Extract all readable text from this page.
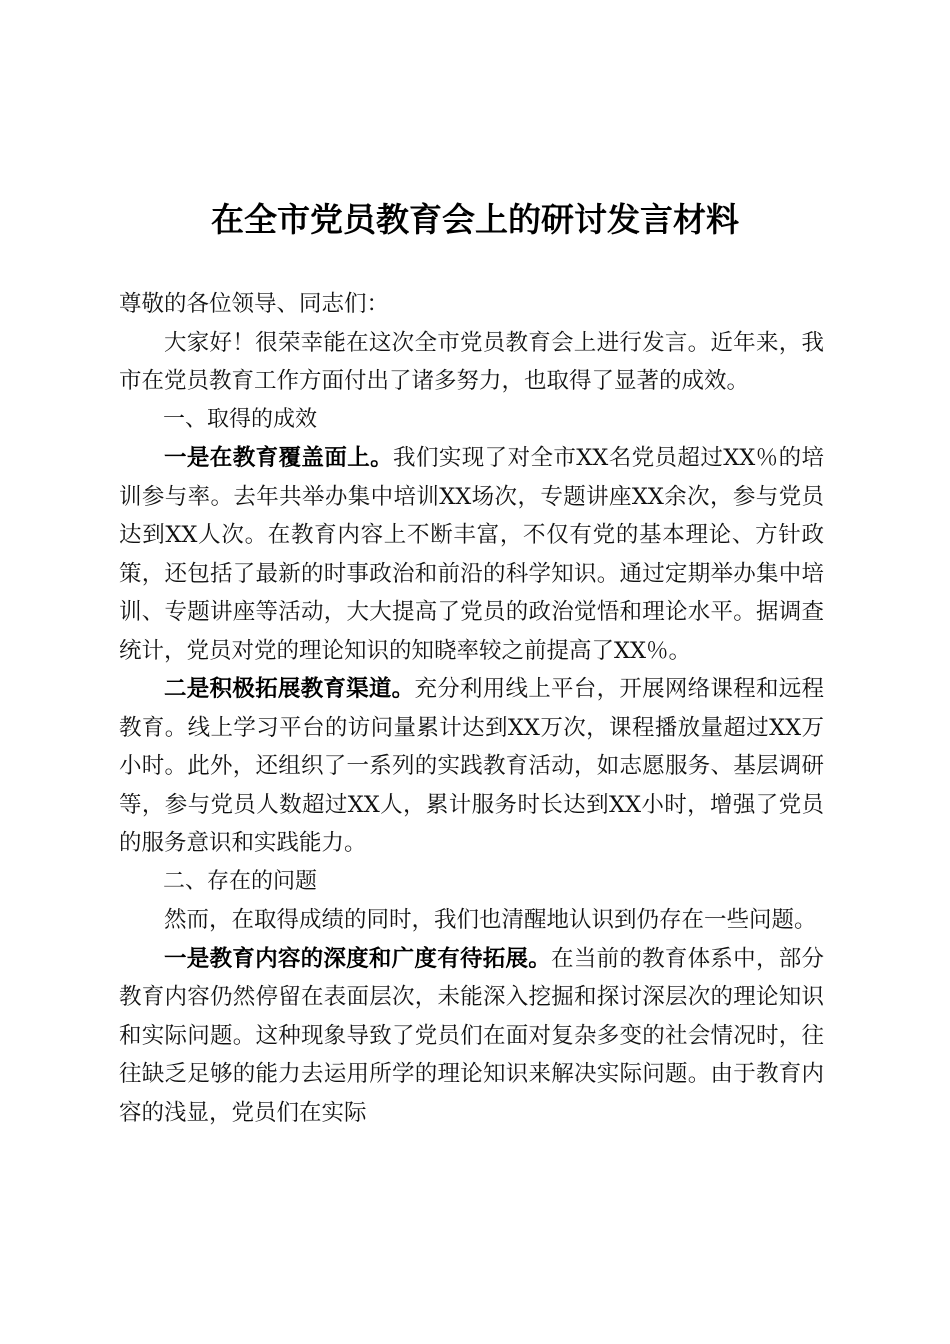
在全市党员教育会上的研讨发言材料

尊敬的各位领导、同志们：

大家好！很荣幸能在这次全市党员教育会上进行发言。近年来，我市在党员教育工作方面付出了诸多努力，也取得了显著的成效。

一、取得的成效

一是在教育覆盖面上。我们实现了对全市XX名党员超过XX％的培训参与率。去年共举办集中培训XX场次，专题讲座XX余次，参与党员达到XX人次。在教育内容上不断丰富，不仅有党的基本理论、方针政策，还包括了最新的时事政治和前沿的科学知识。通过定期举办集中培训、专题讲座等活动，大大提高了党员的政治觉悟和理论水平。据调查统计，党员对党的理论知识的知晓率较之前提高了XX％。

二是积极拓展教育渠道。充分利用线上平台，开展网络课程和远程教育。线上学习平台的访问量累计达到XX万次，课程播放量超过XX万小时。此外，还组织了一系列的实践教育活动，如志愿服务、基层调研等，参与党员人数超过XX人，累计服务时长达到XX小时，增强了党员的服务意识和实践能力。

二、存在的问题

然而，在取得成绩的同时，我们也清醒地认识到仍存在一些问题。

一是教育内容的深度和广度有待拓展。在当前的教育体系中，部分教育内容仍然停留在表面层次，未能深入挖掘和探讨深层次的理论知识和实际问题。这种现象导致了党员们在面对复杂多变的社会情况时，往往缺乏足够的能力去运用所学的理论知识来解决实际问题。由于教育内容的浅显，党员们在实际
